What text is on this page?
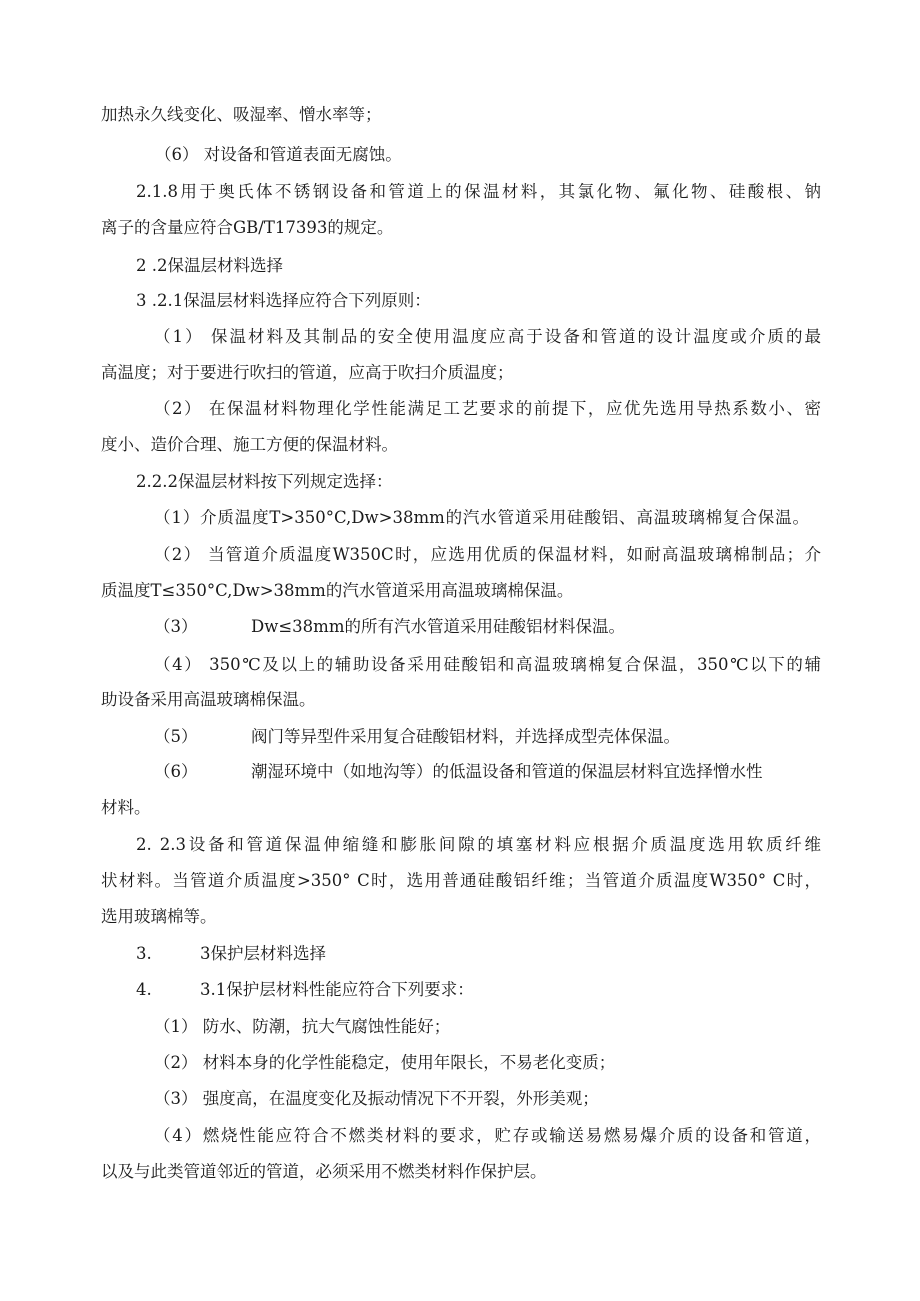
加热永久线变化、吸湿率、憎水率等；
（6） 对设备和管道表面无腐蚀。
2.1.8用于奥氏体不锈钢设备和管道上的保温材料，其氯化物、氟化物、硅酸根、钠
离子的含量应符合GB/T17393的规定。
2 .2保温层材料选择
3 .2.1保温层材料选择应符合下列原则：
（1） 保温材料及其制品的安全使用温度应高于设备和管道的设计温度或介质的最
高温度；对于要进行吹扫的管道，应高于吹扫介质温度；
（2） 在保温材料物理化学性能满足工艺要求的前提下，应优先选用导热系数小、密
度小、造价合理、施工方便的保温材料。
2.2.2保温层材料按下列规定选择：
（1）介质温度T>350°C,Dw>38mm的汽水管道采用硅酸铝、高温玻璃棉复合保温。
（2） 当管道介质温度W350C时，应选用优质的保温材料，如耐高温玻璃棉制品；介
质温度T≤350°C,Dw>38mm的汽水管道采用高温玻璃棉保温。
（3）	Dw≤38mm的所有汽水管道采用硅酸铝材料保温。
（4） 350℃及以上的辅助设备采用硅酸铝和高温玻璃棉复合保温，350℃以下的辅
助设备采用高温玻璃棉保温。
（5）	阀门等异型件采用复合硅酸铝材料，并选择成型壳体保温。
（6）	潮湿环境中（如地沟等）的低温设备和管道的保温层材料宜选择憎水性
材料。
2. 2.3设备和管道保温伸缩缝和膨胀间隙的填塞材料应根据介质温度选用软质纤维
状材料。当管道介质温度>350° C时，选用普通硅酸铝纤维；当管道介质温度W350° C时，
选用玻璃棉等。
3.	3保护层材料选择
4.	3.1保护层材料性能应符合下列要求：
（1） 防水、防潮，抗大气腐蚀性能好；
（2） 材料本身的化学性能稳定，使用年限长，不易老化变质；
（3） 强度高，在温度变化及振动情况下不开裂，外形美观；
（4）燃烧性能应符合不燃类材料的要求，贮存或输送易燃易爆介质的设备和管道，
以及与此类管道邻近的管道，必须采用不燃类材料作保护层。
